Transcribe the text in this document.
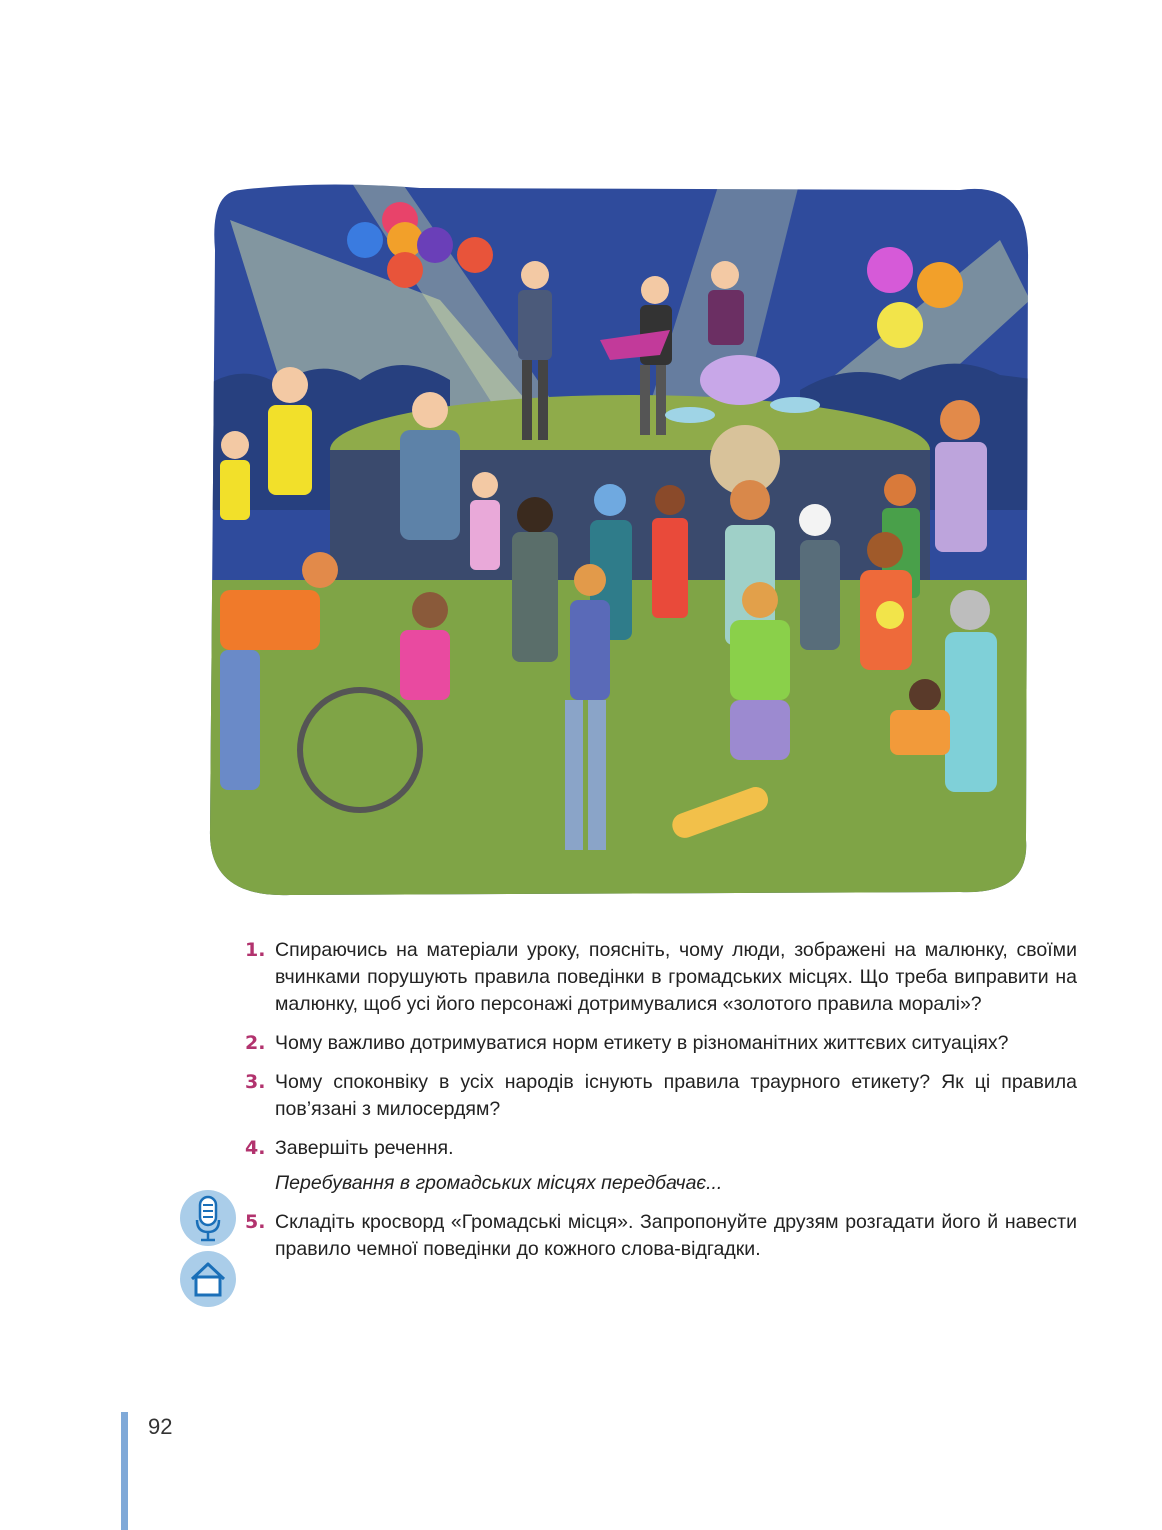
1. Спираючись на матеріали уроку, поясніть, чому люди, зображені на малюнку, своїми вчинками порушують правила поведінки в громадських місцях. Що треба виправити на малюнку, щоб усі його персонажі дотримувалися «золотого правила моралі»?
2. Чому важливо дотримуватися норм етикету в різноманітних життєвих ситуаціях?
3. Чому споконвіку в усіх народів існують правила траурного етикету? Як ці правила пов’язані з милосердям?
4. Завершіть речення.
Перебування в громадських місцях передбачає...
5. Складіть кросворд «Громадські місця». Запропонуйте друзям розгадати його й навести правило чемної поведінки до кожного слова-відгадки.
92
